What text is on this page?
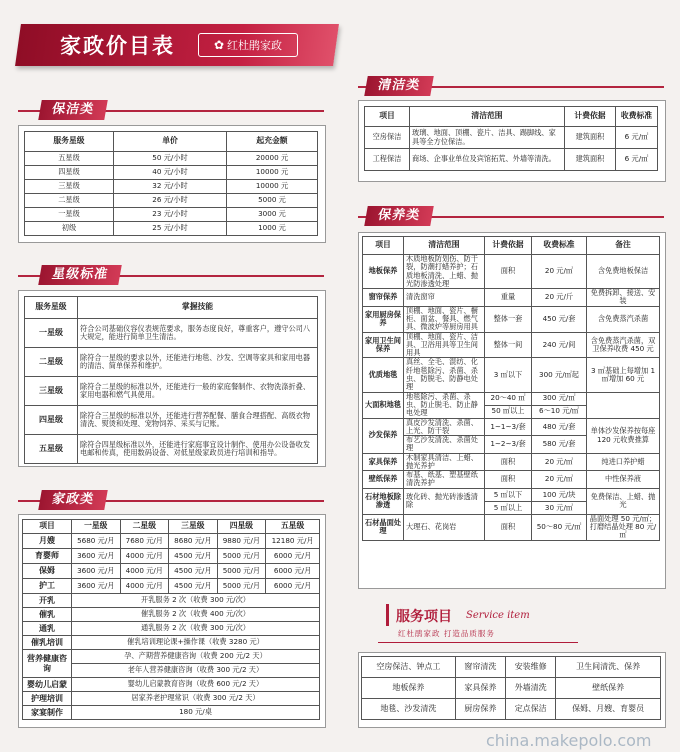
家政价目表	✿ 红杜鹃家政
保洁类
服务星级	单价	起充金额
五星级	50 元/小时	20000 元
四星级	40 元/小时	10000 元
三星级	32 元/小时	10000 元
二星级	26 元/小时	5000 元
一星级	23 元/小时	3000 元
初级	25 元/小时	1000 元
星级标准
服务星级	掌握技能
一星级	符合公司基础仪容仪表规范要求，服务态度良好，尊重客户，遵守公司八大规定，能进行简单卫生清洁。
二星级	除符合一星级的要求以外，还能进行地毯、沙发、空调等家具和家用电器的清洁、简单保养和维护。
三星级	除符合二星级的标准以外，还能进行一般的家庭餐制作、衣物洗涤折叠、家用电器和燃气具使用。
四星级	除符合三星级的标准以外，还能进行营养配餐、膳食合理搭配、高级衣物清洗、熨烫和处理、宠物饲养、采买与记账。
五星级	除符合四星级标准以外，还能进行家庭事宜设计制作、使用办公设备收发电邮和传真，使用数码设备、对低星级家政员进行培训和指导。
家政类
项目	一星级	二星级	三星级	四星级	五星级
月嫂	5680 元/月	7680 元/月	8680 元/月	9880 元/月	12180 元/月
育婴师	3600 元/月	4000 元/月	4500 元/月	5000 元/月	6000 元/月
保姆	3600 元/月	4000 元/月	4500 元/月	5000 元/月	6000 元/月
护工	3600 元/月	4000 元/月	4500 元/月	5000 元/月	6000 元/月
开乳	开乳服务 2 次（收费 300 元/次）				
催乳	催乳服务 2 次（收费 400 元/次）				
通乳	通乳服务 2 次（收费 300 元/次）				
催乳培训	催乳培训理论课+操作课（收费 3280 元）				
营养健康咨询	孕、产期营养健康咨询（收费 200 元/2 天）				
	老年人营养健康咨询（收费 300 元/2 天）				
婴幼儿启蒙	婴幼儿启蒙教育咨询（收费 600 元/2 天）				
护理培训	居家养老护理常识（收费 300 元/2 天）				
家宴制作	180 元/桌				
清洁类
项目	清洁范围	计费依据	收费标准
空房保洁	玻璃、地面、顶棚、瓷片、洁具、踢脚线、家具等全方位保洁。	建筑面积	6 元/㎡
工程保洁	商场、企事业单位及宾馆拓荒、外墙等清洗。	建筑面积	6 元/㎡
保养类
项目	清洁范围	计费依据	收费标准	备注
地板保养	木质地板防划伤、防干裂，防潮打蜡养护；石质地板清洗、上蜡、抛光防渗透处理	面积	20 元/㎡	含免费地板保洁
窗帘保养	清洗窗帘	重量	20 元/斤	免费拆卸、接送、安装
家用厨房保养	顶棚、地面、瓷片、橱柜、面盆、餐具、燃气具、微波炉等厨房用具	整体一套	450 元/套	含免费蒸汽杀菌
家用卫生间保养	顶棚、地面、瓷片、洁具、卫浴用具等卫生间用具	整体一间	240 元/间	含免费蒸汽杀菌，双卫保养收费 450 元
优质地毯	真丝、全毛、混纺、化纤地毯除污、杀菌、杀虫、防脱毛、防静电处理	3 ㎡以下	300 元/㎡起	3 ㎡基础上每增加 1 ㎡增加 60 元
大面积地毯	地毯除污、杀菌、杀虫、防止脱毛、防止静电处理	20～40 ㎡	300 元/㎡	
		50 ㎡以上	6～10 元/㎡	
沙发保养	真皮沙发清洗、杀菌、上光、防干裂	1~1~3/套	480 元/套	单体沙发保养按每座 120 元收费推算
	布艺沙发清洗、杀菌处理	1~2~3/套	580 元/套	
家具保养	木制家具清洁、上蜡、抛光养护	面积	20 元/㎡	纯进口养护蜡
壁纸保养	布基、纸基、塑基壁纸清洗养护	面积	20 元/㎡	中性保养液
石材地板除渗透	玻化砖、抛光砖渗透清除	5 ㎡以下	100 元/块	免费保洁、上蜡、抛光
		5 ㎡以上	30 元/㎡	
石材晶面处理	大理石、花岗岩	面积	50～80 元/㎡	晶面处理 50 元/㎡；打磨结晶处理 80 元/㎡
服务项目 Service item
红杜鹃家政 打造品质服务
空房保洁、钟点工	窗帘清洗	安装维修	卫生间清洗、保养
地板保养	家具保养	外墙清洗	壁纸保养
地毯、沙发清洗	厨房保养	定点保洁	保姆、月嫂、育婴员
china.makepolo.com
